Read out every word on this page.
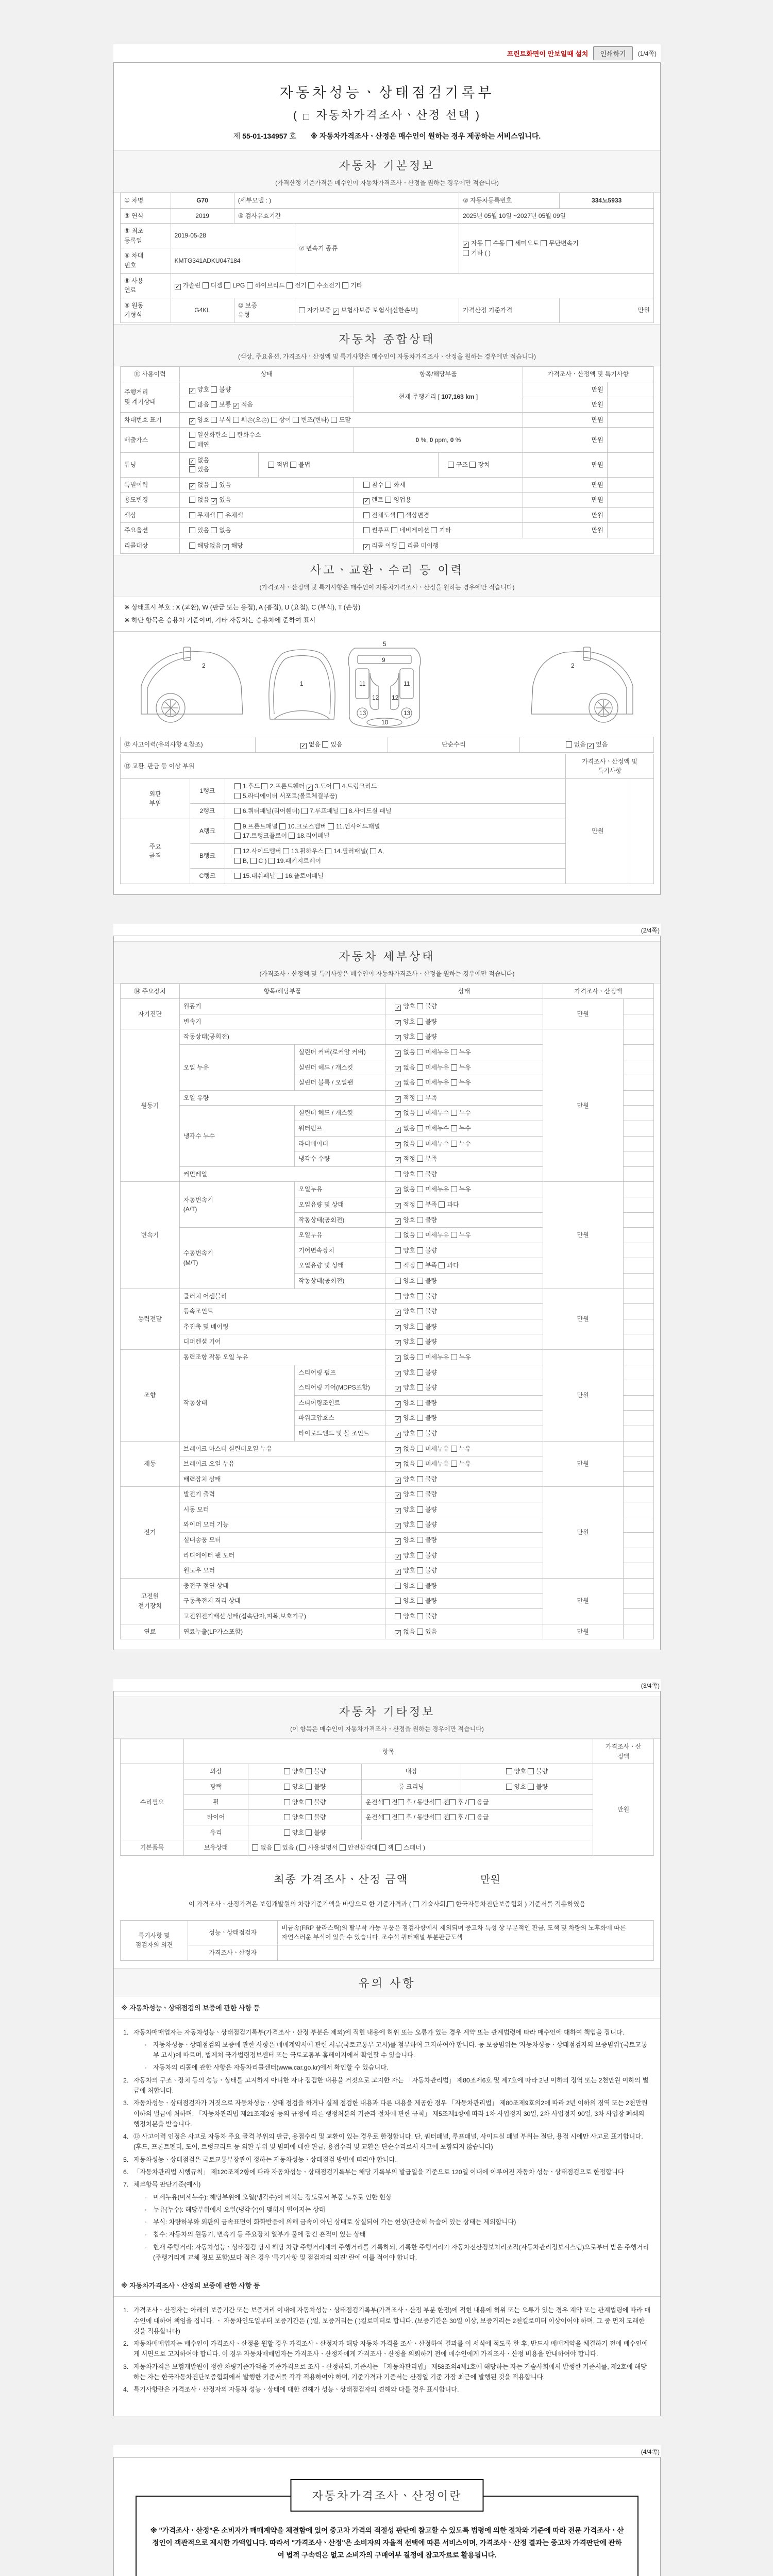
프린트화면이 안보일때 설치	인쇄하기	(1/4쪽)
자동차성능ㆍ상태점검기록부
(  자동차가격조사ㆍ산정 선택 )
제 55-01-134957 호 ※ 자동차가격조사ㆍ산정은 매수인이 원하는 경우 제공하는 서비스입니다.
자동차 기본정보
(가격산정 기준가격은 매수인이 자동차가격조사ㆍ산정을 원하는 경우에만 적습니다)
① 차명	G70	(세부모델 : )		② 자동차등록번호	334노5933
③ 연식	2019	④ 검사유효기간		2025년 05월 10일 ~2027년 05월 09일	
⑤ 최초
등록일	2019-05-28		⑦ 변속기 종류	✓자동 수동 세미오토 무단변속기
기타 ( )
⑥ 차대
번호	KMTG341ADKU047184				
⑧ 사용
연료	✓가솔린 디젤 LPG 하이브리드 전기 수소전기 기타
⑨ 원동
기형식	G4KL	⑩ 보증
유형	자가보증 ✓보험사보증 보험사[신한손보]	가격산정 기준가격	만원
자동차 종합상태
(색상, 주요옵션, 가격조사ㆍ산정액 및 특기사항은 매수인이 자동차가격조사ㆍ산정을 원하는 경우에만 적습니다)
⑪ 사용이력	상태		항목/해당부품		가격조사ㆍ산정액 및 특기사항	
주행거리
및 계기상태	✓양호 불량		현재 주행거리 [ 107,163 km ]		만원	
	많음 보통 ✓적음				만원	
차대번호 표기	✓양호 부식 훼손(오손) 상이 변조(변타) 도말				만원	
배출가스	일산화탄소 탄화수소
매연		0 %, 0 ppm, 0 %		만원	
튜닝	✓없음
있음	적법 불법		구조 장치	만원	
특별이력	✓없음 있음		침수 화재		만원	
용도변경	없음 ✓있음	✓렌트 영업용		만원	
색상	무채색 유채색		전체도색 색상변경		만원	
주요옵션	있음 없음		썬루프 네비게이션 기타		만원	
리콜대상	해당없음 ✓해당	✓리콜 이행 리콜 미이행
사고ㆍ교환ㆍ수리 등 이력
(가격조사ㆍ산정액 및 특기사항은 매수인이 자동차가격조사ㆍ산정을 원하는 경우에만 적습니다)
※ 상태표시 부호 : X (교환), W (판금 또는 용접), A (흠집), U (요철), C (부식), T (손상)
※ 하단 항목은 승용차 기준이며, 기타 자동차는 승용차에 준하여 표시
2
1
5
9
11	11
12 12
13	13
10
2
⑫ 사고이력(유의사항 4.참조)	✓없음 있음	단순수리	없음 ✓있음
⑬ 교환, 판금 등 이상 부위			가격조사ㆍ산정액 및 특기사항	
외판
부위	1랭크	1.후드 2.프론트휀더 ✓3.도어 4.트렁크리드
5.라디에이터 서포트(볼트체결부품)	만원	
	2랭크	6.쿼터패널(리어휀더) 7.루프패널 8.사이드실 패널		
주요
골격	A랭크	9.프론트패널 10.크로스멤버 11.인사이드패널
17.트렁크플로어 18.리어패널		
	B랭크	12.사이드멤버 13.휠하우스 14.필러패널( A,
B, C ) 19.패키지트레이		
	C랭크	15.대쉬패널 16.플로어패널		
(2/4쪽)
자동차 세부상태
(가격조사ㆍ산정액 및 특기사항은 매수인이 자동차가격조사ㆍ산정을 원하는 경우에만 적습니다)
⑭ 주요장치	항목/해당부품		상태	가격조사ㆍ산정액	
자기진단	원동기	✓양호 불량	만원	
	변속기	✓양호 불량	
원동기	작동상태(공회전)	✓양호 불량	만원	
	오일 누유	실린더 커버(로커암 커버)	✓없음 미세누유 누유	
		실린더 헤드 / 개스킷	✓없음 미세누유 누유	
		실린더 블록 / 오일팬	✓없음 미세누유 누유	
	오일 유량	✓적정 부족	
	냉각수 누수	실린더 헤드 / 개스킷	✓없음 미세누수 누수	
		워터펌프	✓없음 미세누수 누수	
		라디에이터	✓없음 미세누수 누수	
		냉각수 수량	✓적정 부족	
	커먼레일		양호 불량		
변속기	자동변속기
(A/T)	오일누유	✓없음 미세누유 누유	만원	
		오일유량 및 상태	✓적정 부족 과다	
		작동상태(공회전)	✓양호 불량	
	수동변속기
(M/T)	오일누유	없음 미세누유 누유		
		기어변속장치	양호 불량		
		오일유량 및 상태	적정 부족 과다		
		작동상태(공회전)	양호 불량		
동력전달	클러치 어셈블리		양호 불량	만원	
	등속조인트	✓양호 불량	
	추진축 및 베어링	✓양호 불량	
	디퍼렌셜 기어	✓양호 불량	
조향	동력조향 작동 오일 누유	✓없음 미세누유 누유	만원	
	작동상태	스티어링 펌프	✓양호 불량	
		스티어링 기어(MDPS포함)	✓양호 불량	
		스티어링조인트	✓양호 불량	
		파워고압호스	✓양호 불량	
		타이로드엔드 및 볼 조인트	✓양호 불량	
제동	브레이크 마스터 실린더오일 누유	✓없음 미세누유 누유	만원	
	브레이크 오일 누유	✓없음 미세누유 누유	
	배력장치 상태	✓양호 불량	
전기	발전기 출력	✓양호 불량	만원	
	시동 모터	✓양호 불량	
	와이퍼 모터 기능	✓양호 불량	
	실내송풍 모터	✓양호 불량	
	라디에이터 팬 모터	✓양호 불량	
	윈도우 모터	✓양호 불량	
고전원
전기장치	충전구 절연 상태		양호 불량	만원	
	구동축전지 격리 상태		양호 불량		
	고전원전기배선 상태(접속단자,피복,보호기구)		양호 불량		
연료	연료누출(LP가스포함)	✓없음 있음	만원	
(3/4쪽)
자동차 기타정보
(이 항목은 매수인이 자동차가격조사ㆍ산정을 원하는 경우에만 적습니다)
	항목				가격조사ㆍ산
정액
수리필요	외장	양호 불량	내장	양호 불량	만원
	광택	양호 불량	룸 크리닝	양호 불량	
	휠	양호 불량	운전석 전 후 / 동반석 전 후 / 응급		
	타이어	양호 불량	운전석 전 후 / 동반석 전 후 / 응급		
	유리	양호 불량			
기본품목	보유상태	없음 있음 ( 사용설명서 안전삼각대 잭 스패너 )			
최종 가격조사ㆍ산정 금액	만원
이 가격조사ㆍ산정가격은 보험개발원의 차량기준가액을 바탕으로 한 기준가격과 ( 기술사회, 한국자동차진단보증협회 ) 기준서를 적용하였음
특기사항 및
점검자의 의견	성능ㆍ상태점검자	비금속(FRP 플라스틱)의 탈부착 가능 부품은 점검사항에서 제외되며 중고차 특성 상 부분적인 판금, 도색 및 차량의 노후화에 따른 자연스러운 부식이 있을 수 있습니다. 조수석 쿼터패널 부분판금도색
	가격조사ㆍ산정자	
유의 사항
※ 자동차성능ㆍ상태점검의 보증에 관한 사항 등
1. 자동차매매업자는 자동차성능ㆍ상태점검기록부(가격조사ㆍ산정 부분은 제외)에 적힌 내용에 허위 또는 오류가 있는 경우 계약 또는 관계법령에 따라 매수인에 대하여 책임을 집니다.
◦	자동차성능ㆍ상태점검의 보증에 관한 사항은 매매계약서에 관련 서류(국토교통부 고시)를 첨부하여 고지하여야 합니다. 동 보증범위는 '자동차성능ㆍ상태점검자의 보증범위'(국토교통부 고시)에 따르며, 법제처 국가법령정보센터 또는 국토교통부 홈페이지에서 확인할 수 있습니다.
◦	자동차의 리콜에 관한 사항은 자동차리콜센터(www.car.go.kr)에서 확인할 수 있습니다.
2. 자동차의 구조ㆍ장치 등의 성능ㆍ상태를 고지하지 아니한 자나 점검한 내용을 거짓으로 고지한 자는 「자동차관리법」 제80조제6호 및 제7호에 따라 2년 이하의 징역 또는 2천만원 이하의 벌금에 처합니다.
3. 자동차성능ㆍ상태점검자가 거짓으로 자동차성능ㆍ상태 점검을 하거나 실제 점검한 내용과 다른 내용을 제공한 경우 「자동차관리법」 제80조제9호의2에 따라 2년 이하의 징역 또는 2천만원 이하의 벌금에 처하며, 「자동차관리법 제21조제2항 등의 규정에 따른 행정처분의 기준과 절차에 관한 규칙」 제5조제1항에 따라 1차 사업정지 30일, 2차 사업정지 90일, 3차 사업장 폐쇄의 행정처분을 받습니다.
4. ⑫ 사고이력 인정은 사고로 자동차 주요 골격 부위의 판금, 용접수리 및 교환이 있는 경우로 한정합니다. 단, 쿼터패널, 루프패널, 사이드실 패널 부위는 절단, 용접 시에만 사고로 표기합니다. (후드, 프론트펜더, 도어, 트렁크리드 등 외판 부위 및 범퍼에 대한 판금, 용접수리 및 교환은 단순수리로서 사고에 포함되지 않습니다)
5. 자동차성능ㆍ상태점검은 국토교통부장관이 정하는 자동차성능ㆍ상태점검 방법에 따라야 합니다.
6. 「자동차관리법 시행규칙」 제120조제2항에 따라 자동차성능ㆍ상태점검기록부는 해당 기록부의 발급일을 기준으로 120일 이내에 이루어진 자동차 성능ㆍ상태점검으로 한정합니다
7. 체크항목 판단기준(예시)
◦	미세누유(미세누수): 해당부위에 오일(냉각수)이 비치는 정도로서 부품 노후로 인한 현상
◦	누유(누수): 해당부위에서 오일(냉각수)이 맺혀서 떨어지는 상태
◦	부식: 차량하부와 외판의 금속표면이 화학반응에 의해 금속이 아닌 상태로 상실되어 가는 현상(단순히 녹슬어 있는 상태는 제외합니다)
◦	침수: 자동차의 원동기, 변속기 등 주요장치 일부가 물에 잠긴 흔적이 있는 상태
◦	현재 주행거리: 자동차성능ㆍ상태점검 당시 해당 차량 주행거리계의 주행거리를 기록하되, 기록한 주행거리가 자동차전산정보처리조직(자동차관리정보시스템)으로부터 받은 주행거리(주행거리계 교체 정보 포함)보다 적은 경우 '특기사항 및 점검자의 의견' 란에 이를 적어야 합니다.
※ 자동차가격조사ㆍ산정의 보증에 관한 사항 등
1. 가격조사ㆍ산정자는 아래의 보증기간 또는 보증거리 이내에 자동차성능ㆍ상태점검기록부(가격조사ㆍ산정 부분 한정)에 적힌 내용에 허위 또는 오류가 있는 경우 계약 또는 관계법령에 따라 매수인에 대하여 책임을 집니다. ㆍ 자동차인도일부터 보증기간은 ( )일, 보증거리는 ( )킬로미터로 합니다. (보증기간은 30일 이상, 보증거리는 2천킬로미터 이상이어야 하며, 그 중 먼저 도래한 것을 적용합니다)
2. 자동차매매업자는 매수인이 가격조사ㆍ산정을 원할 경우 가격조사ㆍ산정자가 해당 자동차 가격을 조사ㆍ산정하여 결과를 이 서식에 적도록 한 후, 반드시 매매계약을 체결하기 전에 매수인에게 서면으로 고지하여야 합니다. 이 경우 자동차매매업자는 가격조사ㆍ산정자에게 가격조사ㆍ산정을 의뢰하기 전에 매수인에게 가격조사ㆍ산정 비용을 안내하여야 합니다.
3. 자동차가격은 보험개발원이 정한 차량기준가액을 기준가격으로 조사ㆍ산정하되, 기준서는 「자동차관리법」 제58조의4제1호에 해당하는 자는 기술사회에서 발행한 기준서를, 제2호에 해당하는 자는 한국자동차진단보증협회에서 발행한 기준서를 각각 적용하여야 하며, 기준가격과 기준서는 산정일 기준 가장 최근에 발행된 것을 적용합니다.
4. 특기사항란은 가격조사ㆍ산정자의 자동차 성능ㆍ상태에 대한 견해가 성능ㆍ상태점검자의 견해와 다를 경우 표시합니다.
(4/4쪽)
자동차가격조사ㆍ산정이란
※ "가격조사ㆍ산정"은 소비자가 매매계약을 체결함에 있어 중고차 가격의 적절성 판단에 참고할 수 있도록 법령에 의한 절차와 기준에 따라 전문 가격조사ㆍ산정인이 객관적으로 제시한 가액입니다. 따라서 "가격조사ㆍ산정"은 소비자의 자율적 선택에 따른 서비스이며, 가격조사ㆍ산정 결과는 중고차 가격판단에 관하여 법적 구속력은 없고 소비자의 구매여부 결정에 참고자료로 활용됩니다.
